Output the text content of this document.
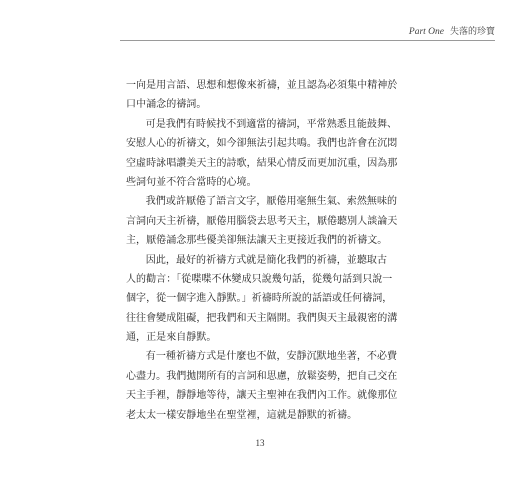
Part One 失落的珍寶
一向是用言語、思想和想像來祈禱，並且認為必須集中精神於
口中誦念的禱詞。
可是我們有時候找不到適當的禱詞，平常熟悉且能鼓舞、
安慰人心的祈禱文，如今卻無法引起共鳴。我們也許會在沉悶
空虛時詠唱讚美天主的詩歌，結果心情反而更加沉重，因為那
些詞句並不符合當時的心境。
我們或許厭倦了語言文字，厭倦用毫無生氣、索然無味的
言詞向天主祈禱，厭倦用腦袋去思考天主，厭倦聽別人談論天
主，厭倦誦念那些優美卻無法讓天主更接近我們的祈禱文。
因此，最好的祈禱方式就是簡化我們的祈禱，並聽取古
人的勸言：「從喋喋不休變成只說幾句話，從幾句話到只說一
個字，從一個字進入靜默。」祈禱時所說的話語或任何禱詞，
往往會變成阻礙，把我們和天主隔開。我們與天主最親密的溝
通，正是來自靜默。
有一種祈禱方式是什麼也不做，安靜沉默地坐著，不必費
心盡力。我們拋開所有的言詞和思慮，放鬆姿勢，把自己交在
天主手裡，靜靜地等待，讓天主聖神在我們內工作。就像那位
老太太一樣安靜地坐在聖堂裡，這就是靜默的祈禱。
13
